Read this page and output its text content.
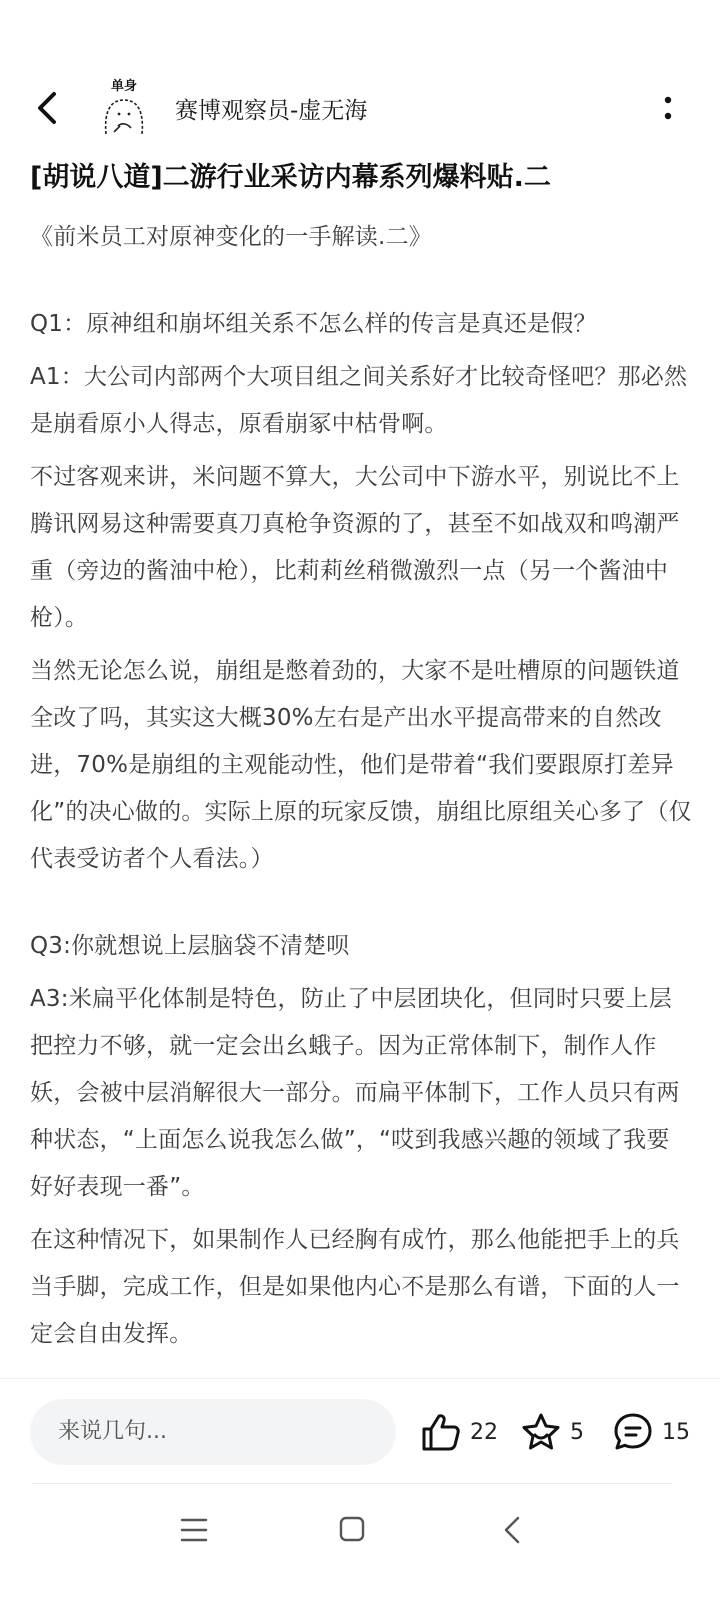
单身
赛博观察员-虚无海
[胡说八道]二游行业采访内幕系列爆料贴.二

《前米员工对原神变化的一手解读.二》

Q1：原神组和崩坏组关系不怎么样的传言是真还是假？

A1：大公司内部两个大项目组之间关系好才比较奇怪吧？那必然是崩看原小人得志，原看崩冢中枯骨啊。

不过客观来讲，米问题不算大，大公司中下游水平，别说比不上腾讯网易这种需要真刀真枪争资源的了，甚至不如战双和鸣潮严重（旁边的酱油中枪），比莉莉丝稍微激烈一点（另一个酱油中枪）。

当然无论怎么说，崩组是憋着劲的，大家不是吐槽原的问题铁道全改了吗，其实这大概30%左右是产出水平提高带来的自然改进，70%是崩组的主观能动性，他们是带着“我们要跟原打差异化”的决心做的。实际上原的玩家反馈，崩组比原组关心多了（仅代表受访者个人看法。）

Q3:你就想说上层脑袋不清楚呗

A3:米扁平化体制是特色，防止了中层团块化，但同时只要上层把控力不够，就一定会出幺蛾子。因为正常体制下，制作人作妖，会被中层消解很大一部分。而扁平体制下，工作人员只有两种状态，“上面怎么说我怎么做”，“哎到我感兴趣的领域了我要好好表现一番”。

在这种情况下，如果制作人已经胸有成竹，那么他能把手上的兵当手脚，完成工作，但是如果他内心不是那么有谱，下面的人一定会自由发挥。

来说几句...	22	5	15
